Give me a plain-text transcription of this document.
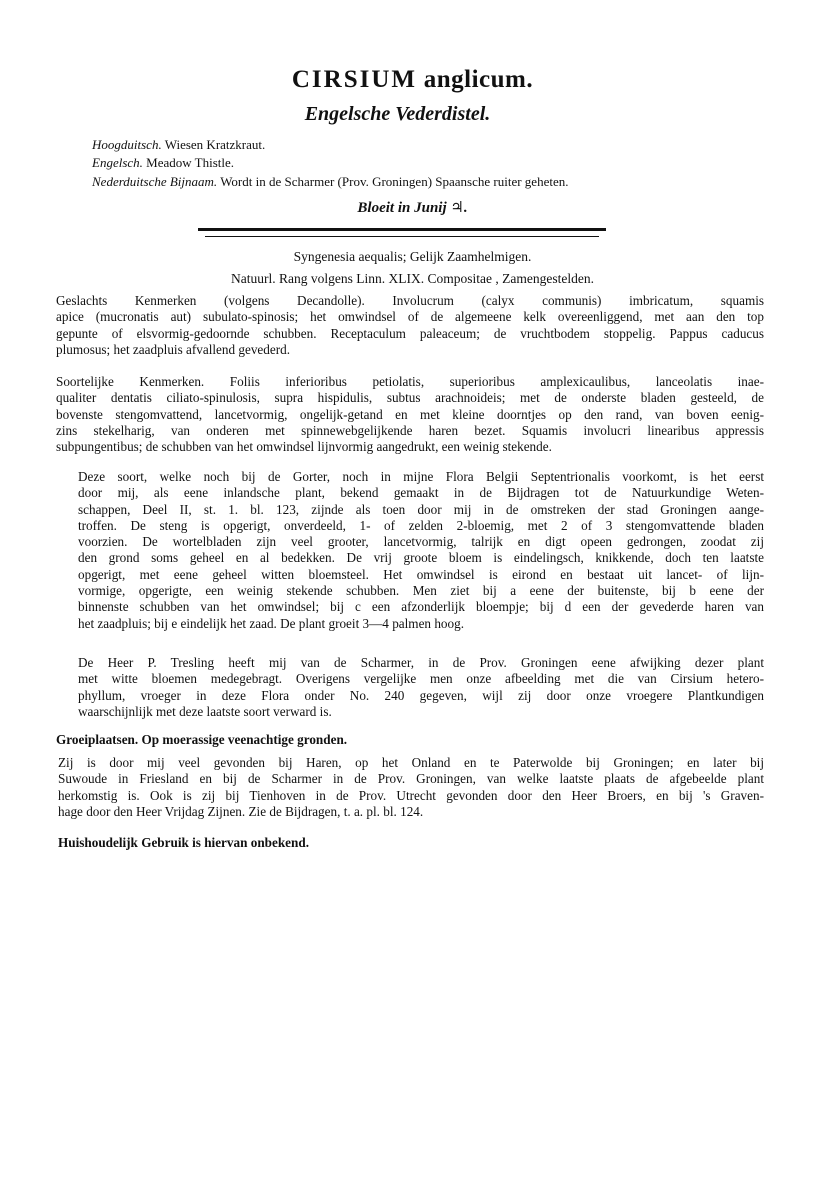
CIRSIUM anglicum.
Engelsche Vederdistel.
Hoogduitsch. Wiesen Kratzkraut.
Engelsch. Meadow Thistle.
Nederduitsche Bijnaam. Wordt in de Scharmer (Prov. Groningen) Spaansche ruiter geheten.
Bloeit in Junij ♃.
Syngenesia aequalis; Gelijk Zaamhelmigen.
Natuurl. Rang volgens Linn. XLIX. Compositae , Zamengestelden.
Geslachts Kenmerken (volgens Decandolle). Involucrum (calyx communis) imbricatum, squamis
apice (mucronatis aut) subulato-spinosis; het omwindsel of de algemeene kelk overeenliggend, met aan den top
gepunte of elsvormig-gedoornde schubben. Receptaculum paleaceum; de vruchtbodem stoppelig. Pappus caducus
plumosus; het zaadpluis afvallend gevederd.
Soortelijke Kenmerken. Foliis inferioribus petiolatis, superioribus amplexicaulibus, lanceolatis inae-
qualiter dentatis ciliato-spinulosis, supra hispidulis, subtus arachnoideis; met de onderste bladen gesteeld, de
bovenste stengomvattend, lancetvormig, ongelijk-getand en met kleine doorntjes op den rand, van boven eenig-
zins stekelharig, van onderen met spinnewebgelijkende haren bezet. Squamis involucri linearibus appressis
subpungentibus; de schubben van het omwindsel lijnvormig aangedrukt, een weinig stekende.
Deze soort, welke noch bij de Gorter, noch in mijne Flora Belgii Septentrionalis voorkomt, is het eerst
door mij, als eene inlandsche plant, bekend gemaakt in de Bijdragen tot de Natuurkundige Weten-
schappen, Deel II, st. 1. bl. 123, zijnde als toen door mij in de omstreken der stad Groningen aange-
troffen. De steng is opgerigt, onverdeeld, 1- of zelden 2-bloemig, met 2 of 3 stengomvattende bladen
voorzien. De wortelbladen zijn veel grooter, lancetvormig, talrijk en digt opeen gedrongen, zoodat zij
den grond soms geheel en al bedekken. De vrij groote bloem is eindelingsch, knikkende, doch ten laatste
opgerigt, met eene geheel witten bloemsteel. Het omwindsel is eirond en bestaat uit lancet- of lijn-
vormige, opgerigte, een weinig stekende schubben. Men ziet bij a eene der buitenste, bij b eene der
binnenste schubben van het omwindsel; bij c een afzonderlijk bloempje; bij d een der gevederde haren van
het zaadpluis; bij e eindelijk het zaad. De plant groeit 3—4 palmen hoog.
De Heer P. Tresling heeft mij van de Scharmer, in de Prov. Groningen eene afwijking dezer plant
met witte bloemen medegebragt. Overigens vergelijke men onze afbeelding met die van Cirsium hetero-
phyllum, vroeger in deze Flora onder No. 240 gegeven, wijl zij door onze vroegere Plantkundigen
waarschijnlijk met deze laatste soort verward is.
Groeiplaatsen. Op moerassige veenachtige gronden.
Zij is door mij veel gevonden bij Haren, op het Onland en te Paterwolde bij Groningen; en later bij
Suwoude in Friesland en bij de Scharmer in de Prov. Groningen, van welke laatste plaats de afgebeelde plant
herkomstig is. Ook is zij bij Tienhoven in de Prov. Utrecht gevonden door den Heer Broers, en bij 's Graven-
hage door den Heer Vrijdag Zijnen. Zie de Bijdragen, t. a. pl. bl. 124.
Huishoudelijk Gebruik is hiervan onbekend.
